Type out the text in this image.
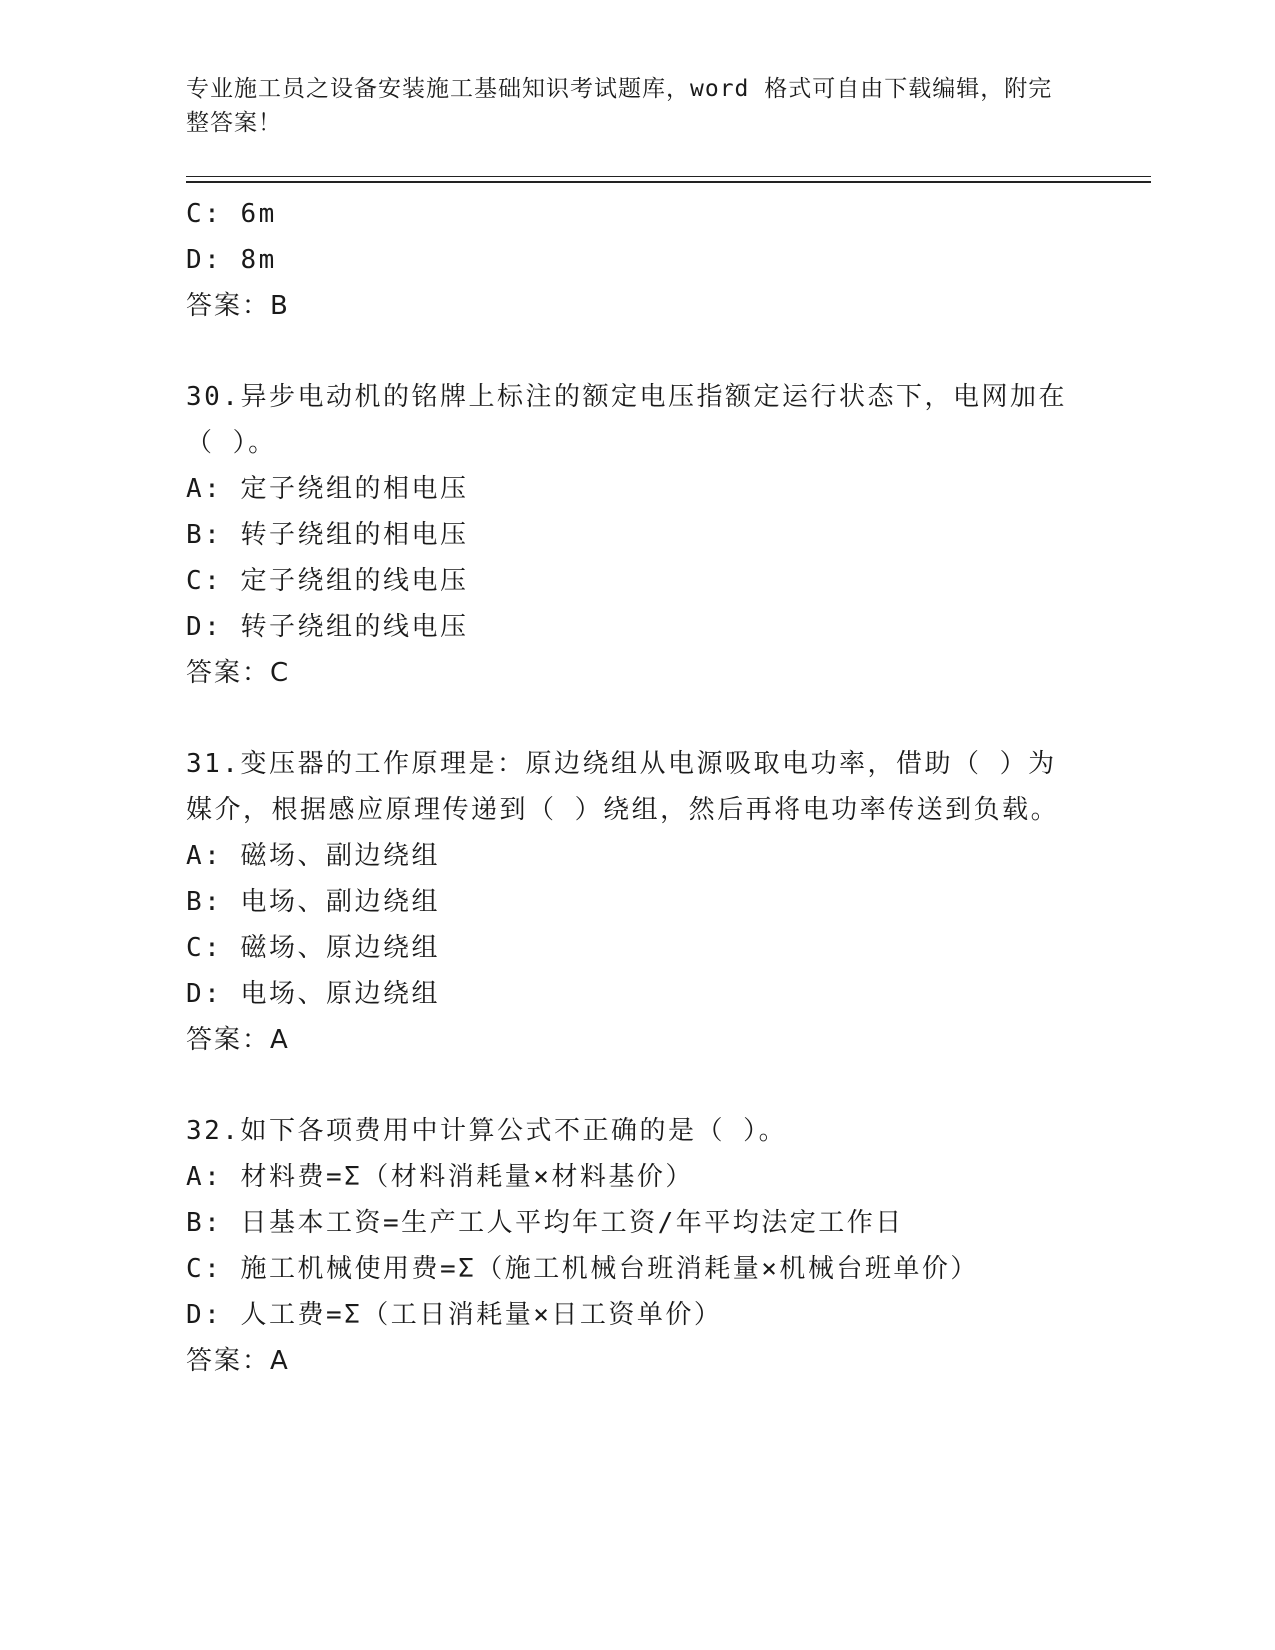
专业施工员之设备安装施工基础知识考试题库，word 格式可自由下载编辑，附完
整答案！
C: 6m
D: 8m
答案：B
30.异步电动机的铭牌上标注的额定电压指额定运行状态下，电网加在
（ ）。
A: 定子绕组的相电压
B: 转子绕组的相电压
C: 定子绕组的线电压
D: 转子绕组的线电压
答案：C
31.变压器的工作原理是：原边绕组从电源吸取电功率，借助（ ）为
媒介，根据感应原理传递到（ ）绕组，然后再将电功率传送到负载。
A: 磁场、副边绕组
B: 电场、副边绕组
C: 磁场、原边绕组
D: 电场、原边绕组
答案：A
32.如下各项费用中计算公式不正确的是（ ）。
A: 材料费=Σ（材料消耗量×材料基价）
B: 日基本工资=生产工人平均年工资/年平均法定工作日
C: 施工机械使用费=Σ（施工机械台班消耗量×机械台班单价）
D: 人工费=Σ（工日消耗量×日工资单价）
答案：A
